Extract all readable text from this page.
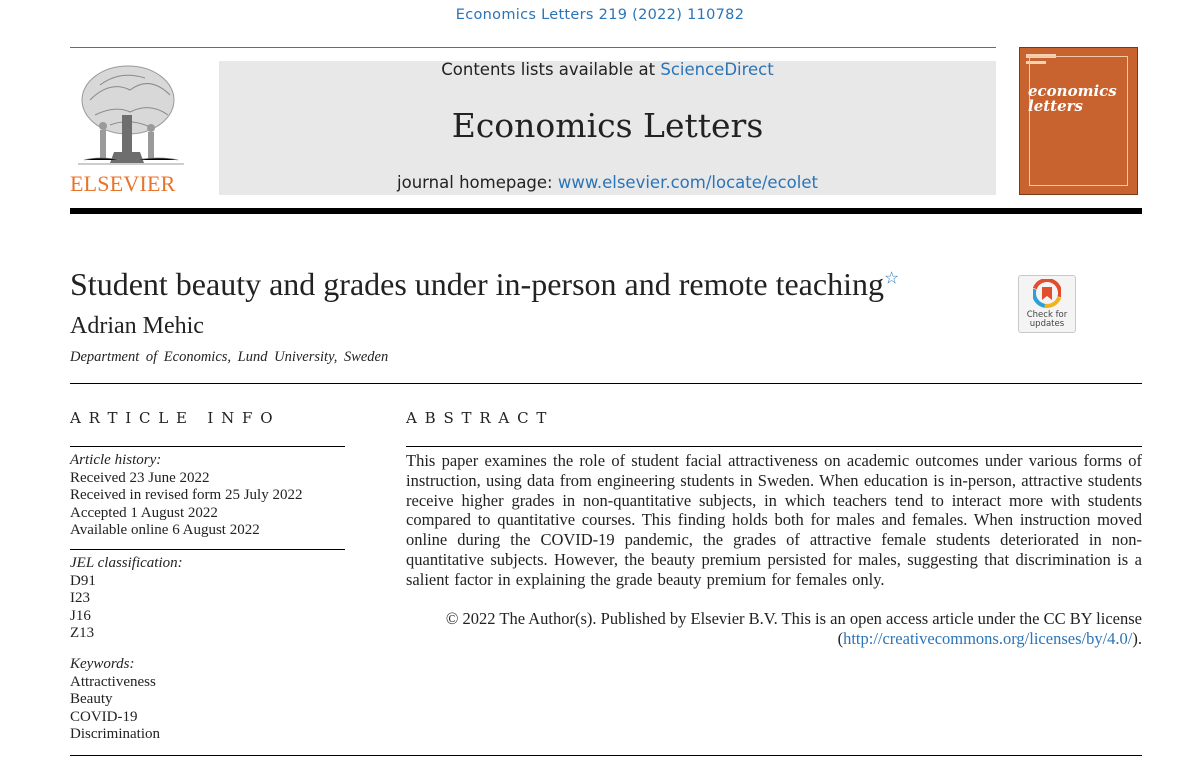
Economics Letters 219 (2022) 110782
ELSEVIER
Contents lists available at ScienceDirect
Economics Letters
journal homepage: www.elsevier.com/locate/ecolet
economics
letters
Student beauty and grades under in-person and remote teaching☆
Adrian Mehic
Department of Economics, Lund University, Sweden
Check for
updates
ARTICLE INFO	ABSTRACT
Article history:
Received 23 June 2022
Received in revised form 25 July 2022
Accepted 1 August 2022
Available online 6 August 2022
JEL classification:
D91
I23
J16
Z13
Keywords:
Attractiveness
Beauty
COVID-19
Discrimination
This paper examines the role of student facial attractiveness on academic outcomes under various forms of instruction, using data from engineering students in Sweden. When education is in-person, attractive students receive higher grades in non-quantitative subjects, in which teachers tend to interact more with students compared to quantitative courses. This finding holds both for males and females. When instruction moved online during the COVID-19 pandemic, the grades of attractive female students deteriorated in non-quantitative subjects. However, the beauty premium persisted for males, suggesting that discrimination is a salient factor in explaining the grade beauty premium for females only.
© 2022 The Author(s). Published by Elsevier B.V. This is an open access article under the CC BY license
(http://creativecommons.org/licenses/by/4.0/).
